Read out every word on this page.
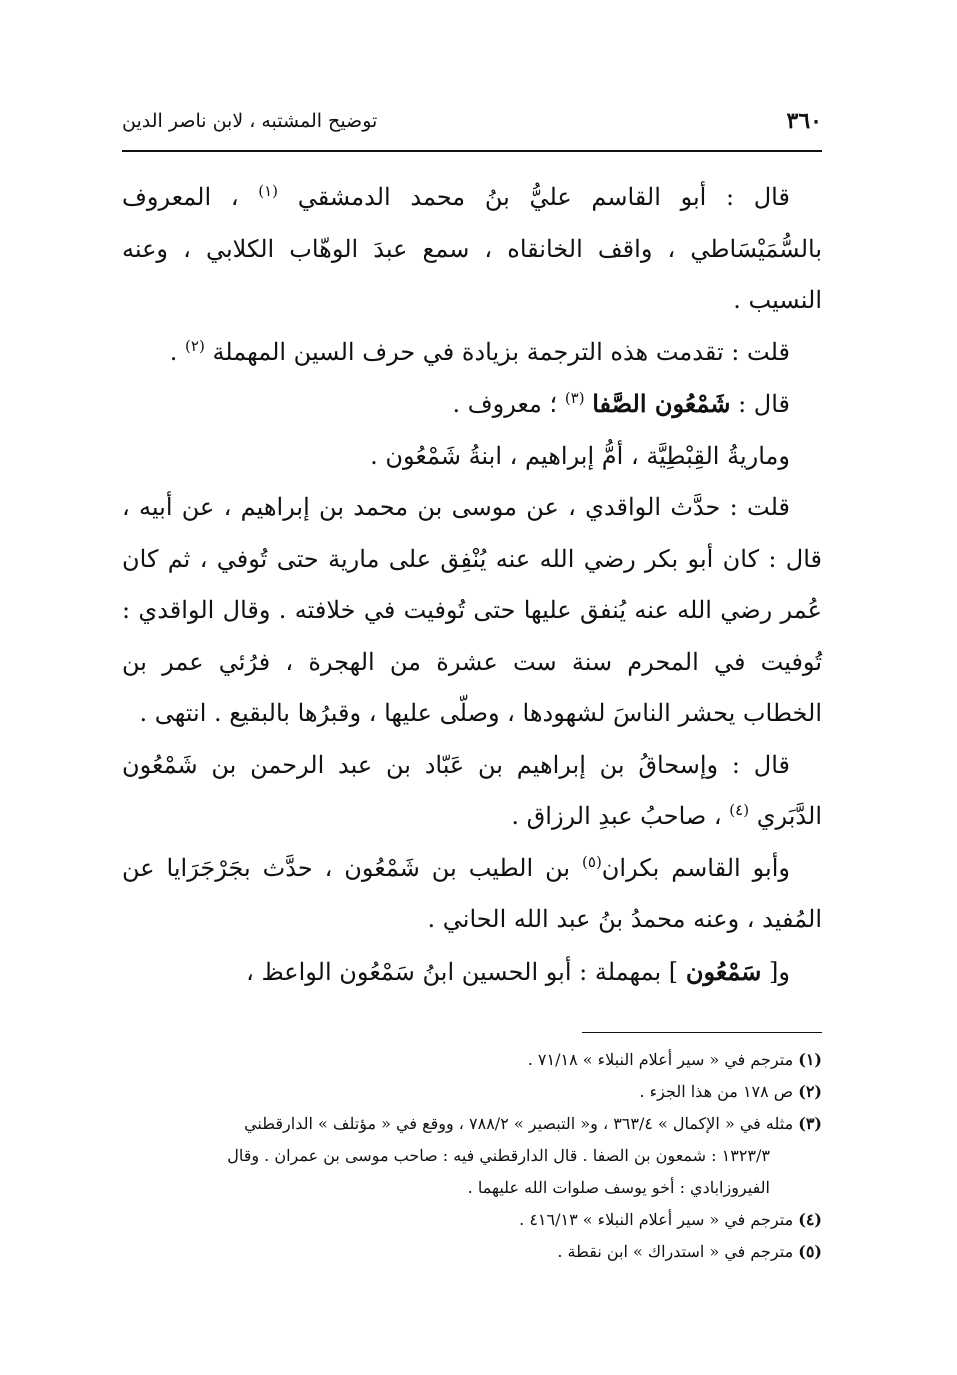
٣٦٠
توضيح المشتبه ، لابن ناصر الدين

قال : أبو القاسم عليُّ بنُ محمد الدمشقي $^{(١)}$ ، المعروف بالسُّمَيْسَاطي ، واقف الخانقاه ، سمع عبدَ الوهّاب الكلابي ، وعنه النسيب .

قلت : تقدمت هذه الترجمة بزيادة في حرف السين المهملة $^{(٢)}$ .

قال : شَمْعُون الصَّفا $^{(٣)}$ ؛ معروف .

وماريةُ القِبْطِيَّة ، أمُّ إبراهيم ، ابنةُ شَمْعُون .

قلت : حدَّث الواقدي ، عن موسى بن محمد بن إبراهيم ، عن أبيه ، قال : كان أبو بكر رضي الله عنه يُنْفِق على مارية حتى تُوفي ، ثم كان عُمر رضي الله عنه يُنفق عليها حتى تُوفيت في خلافته . وقال الواقدي : تُوفيت في المحرم سنة ست عشرة من الهجرة ، فرُئي عمر بن الخطاب يحشر الناسَ لشهودها ، وصلّى عليها ، وقبرُها بالبقيع . انتهى .

قال : وإسحاقُ بن إبراهيم بن عَبّاد بن عبد الرحمن بن شَمْعُون الدَّبَري $^{(٤)}$ ، صاحبُ عبدِ الرزاق .

وأبو القاسم بكران$^{(٥)}$ بن الطيب بن شَمْعُون ، حدَّث بجَرْجَرَايا عن المُفيد ، وعنه محمدُ بنُ عبد الله الحاني .

و[ سَمْعُون ] بمهملة : أبو الحسين ابنُ سَمْعُون الواعظ ،

(١) مترجم في « سير أعلام النبلاء » ٧١/١٨ .

(٢) ص ١٧٨ من هذا الجزء .

(٣) مثله في « الإكمال » ٣٦٣/٤ ، و« التبصير » ٧٨٨/٢ ، ووقع في « مؤتلف » الدارقطني

١٣٢٣/٣ : شمعون بن الصفا . قال الدارقطني فيه : صاحب موسى بن عمران . وقال

الفيروزابادي : أخو يوسف صلوات الله عليهما .

(٤) مترجم في « سير أعلام النبلاء » ٤١٦/١٣ .

(٥) مترجم في « استدراك » ابن نقطة .
